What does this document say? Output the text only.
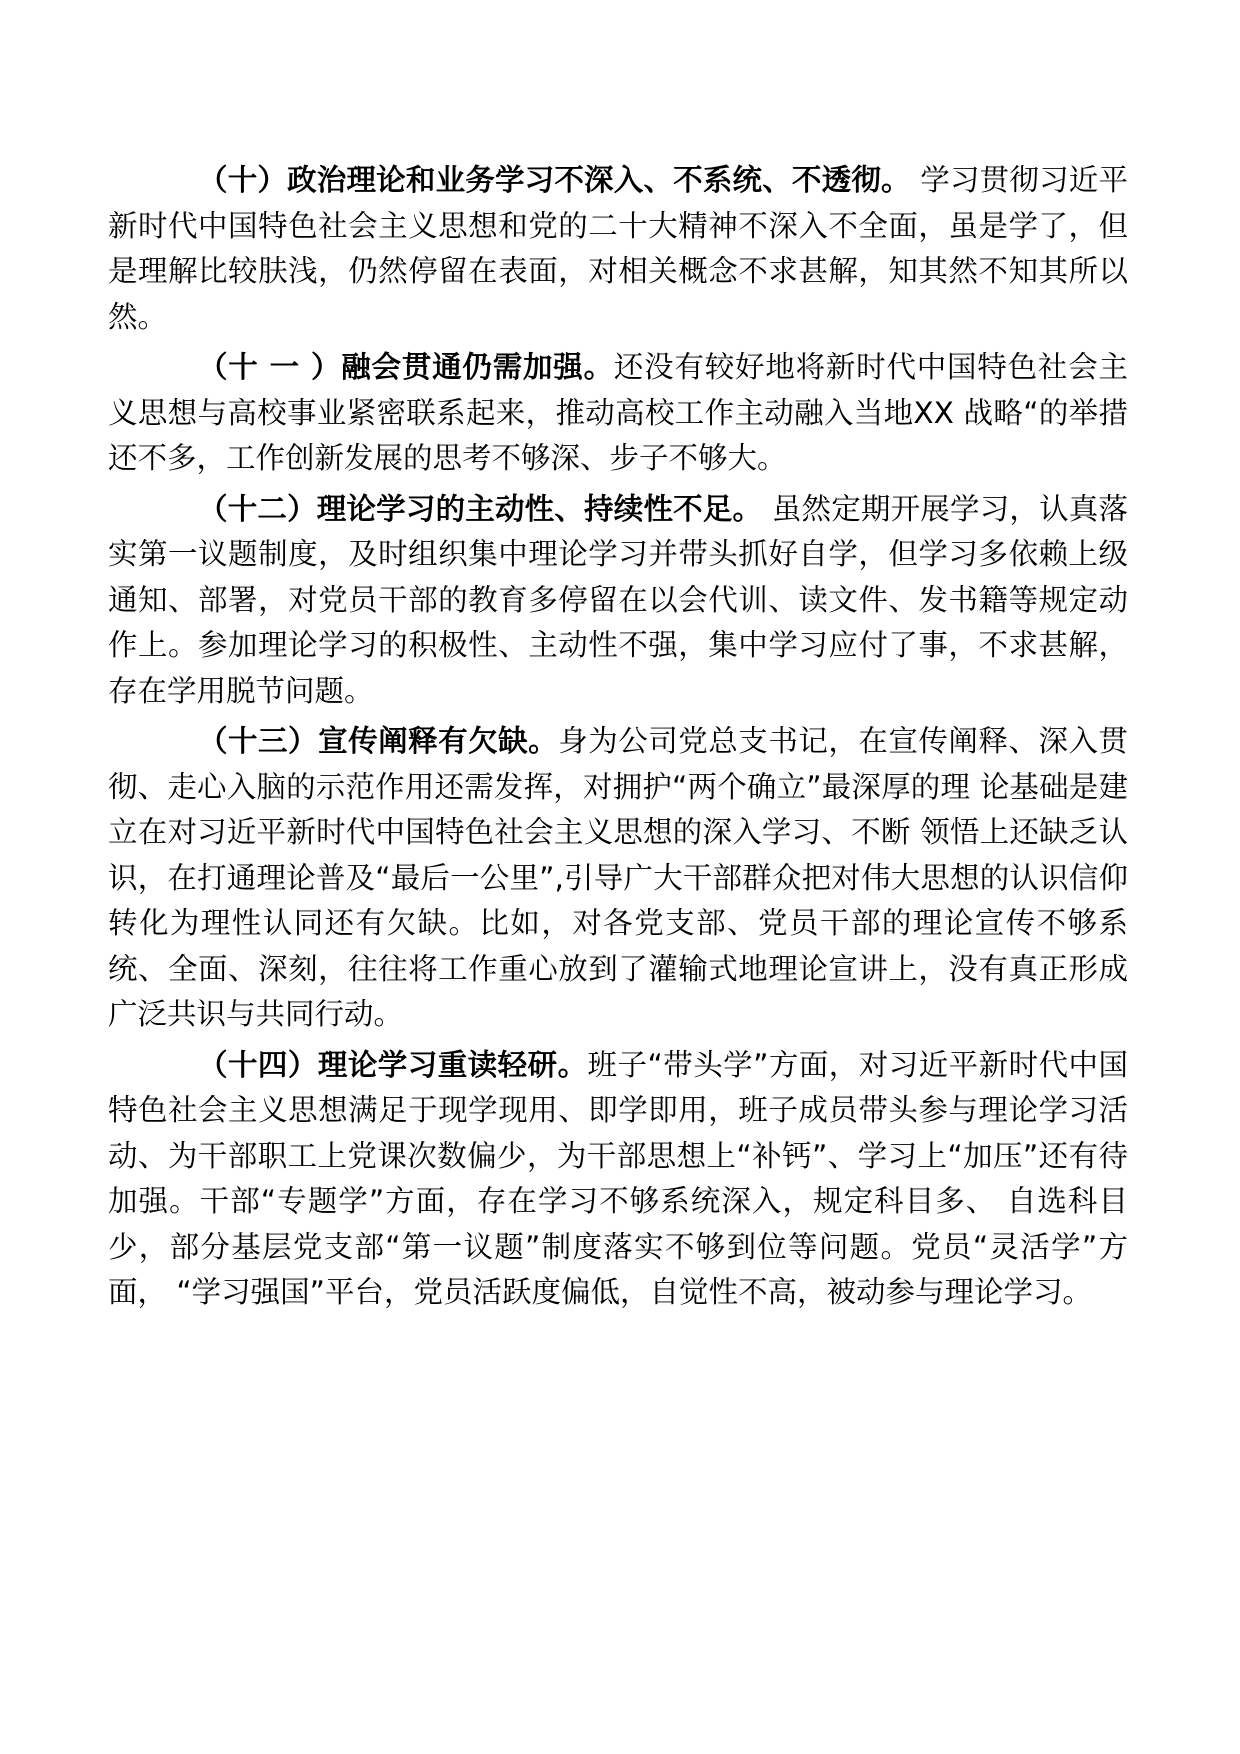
（十）政治理论和业务学习不深入、不系统、不透彻。 学习贯彻习近平新时代中国特色社会主义思想和党的二十大精神不深入不全面，虽是学了，但是理解比较肤浅，仍然停留在表面，对相关概念不求甚解，知其然不知其所以然。

（十 一 ）融会贯通仍需加强。还没有较好地将新时代中国特色社会主义思想与高校事业紧密联系起来，推动高校工作主动融入当地XX 战略“的举措还不多，工作创新发展的思考不够深、步子不够大。

（十二）理论学习的主动性、持续性不足。 虽然定期开展学习，认真落实第一议题制度，及时组织集中理论学习并带头抓好自学，但学习多依赖上级通知、部署，对党员干部的教育多停留在以会代训、读文件、发书籍等规定动作上。参加理论学习的积极性、主动性不强，集中学习应付了事，不求甚解，存在学用脱节问题。

（十三）宣传阐释有欠缺。身为公司党总支书记，在宣传阐释、深入贯彻、走心入脑的示范作用还需发挥，对拥护“两个确立”最深厚的理 论基础是建立在对习近平新时代中国特色社会主义思想的深入学习、不断 领悟上还缺乏认识，在打通理论普及“最后一公里”,引导广大干部群众把对伟大思想的认识信仰转化为理性认同还有欠缺。比如，对各党支部、党员干部的理论宣传不够系统、全面、深刻，往往将工作重心放到了灌输式地理论宣讲上，没有真正形成广泛共识与共同行动。

（十四）理论学习重读轻研。班子“带头学”方面，对习近平新时代中国特色社会主义思想满足于现学现用、即学即用，班子成员带头参与理论学习活动、为干部职工上党课次数偏少，为干部思想上“补钙”、学习上“加压”还有待加强。干部“专题学”方面，存在学习不够系统深入，规定科目多、 自选科目少，部分基层党支部“第一议题”制度落实不够到位等问题。党员“灵活学”方面， “学习强国”平台，党员活跃度偏低，自觉性不高，被动参与理论学习。
